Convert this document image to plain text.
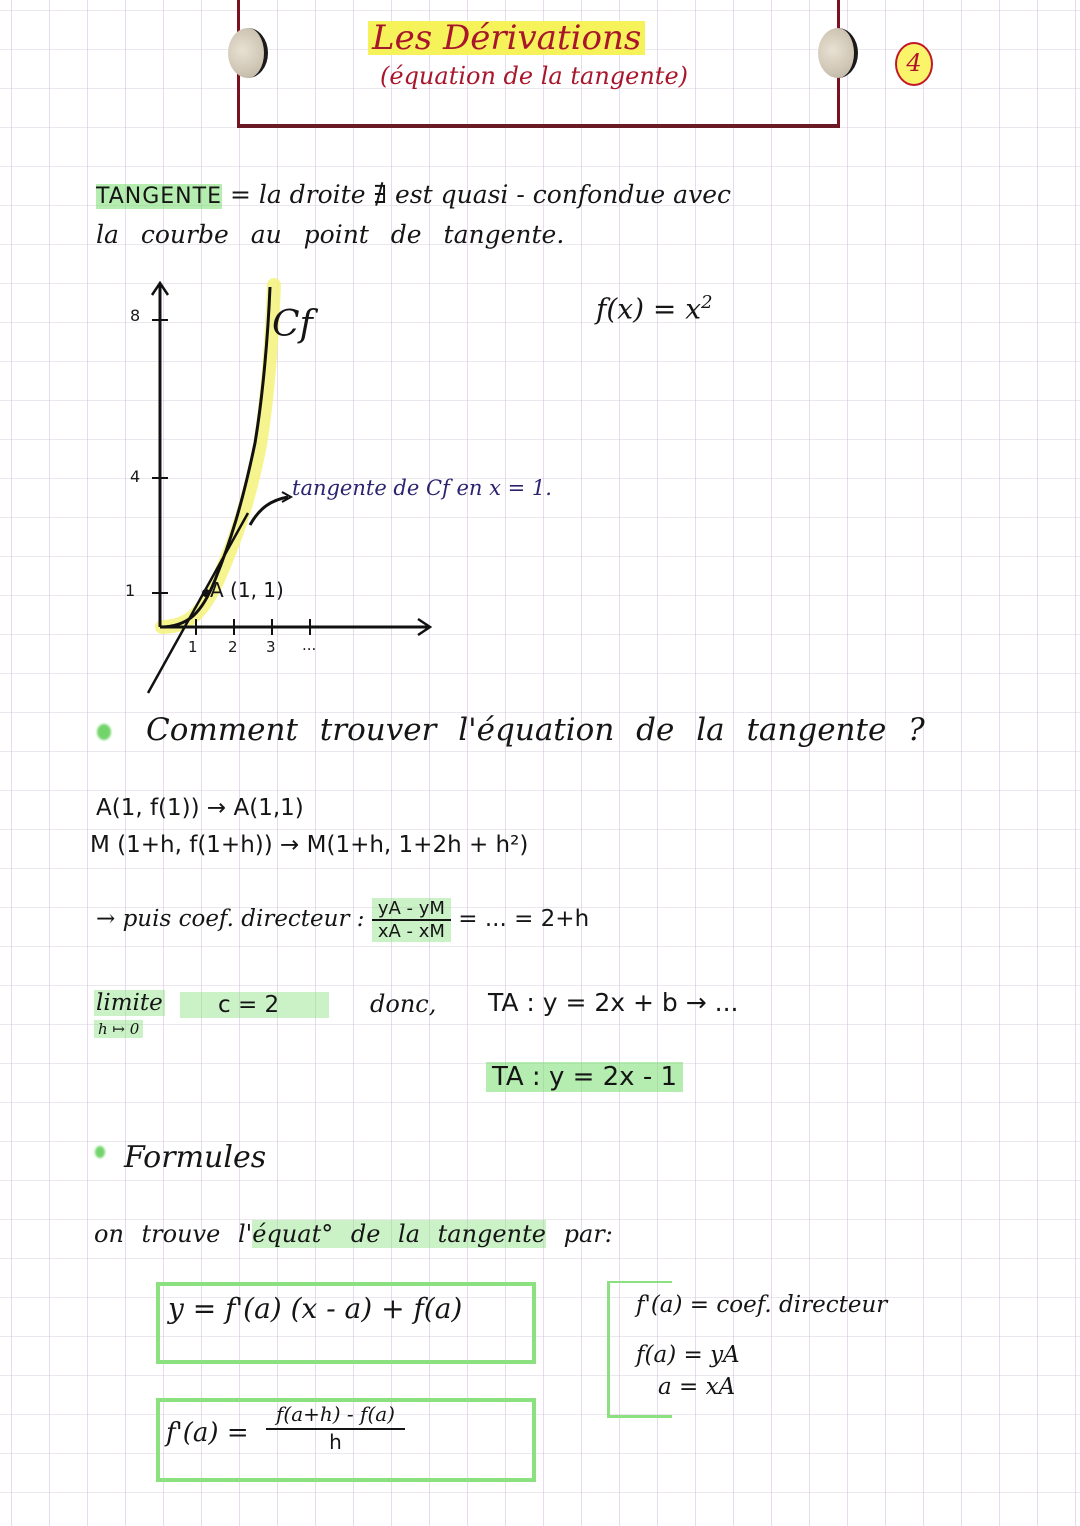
Les Dérivations
(équation de la tangente)	4
TANGENTE = la droite ∄ est quasi - confondue avec
la courbe au point de tangente.
8
4
1
1 2 3 ...
Cf
A (1, 1)
tangente de Cf en x = 1.
$f(x) = x^2$
Comment trouver l'équation de la tangente ?
A(1, f(1)) → A(1,1)
M (1+h, f(1+h)) → M(1+h, 1+2h + h²)
→ puis coef. directeur : $\frac{yA - yM}{xA - xM}$ = ... = 2+h
limite
h ↦ 0
c = 2	donc, TA : y = 2x + b → ...
TA : y = 2x - 1
Formules
on trouve l'équat° de la tangente par:
y = f'(a) (x - a) + f(a)
$f'(a) = \frac{f(a+h) - f(a)}{h}$
f'(a) = coef. directeur
f(a) = yA
a = xA
